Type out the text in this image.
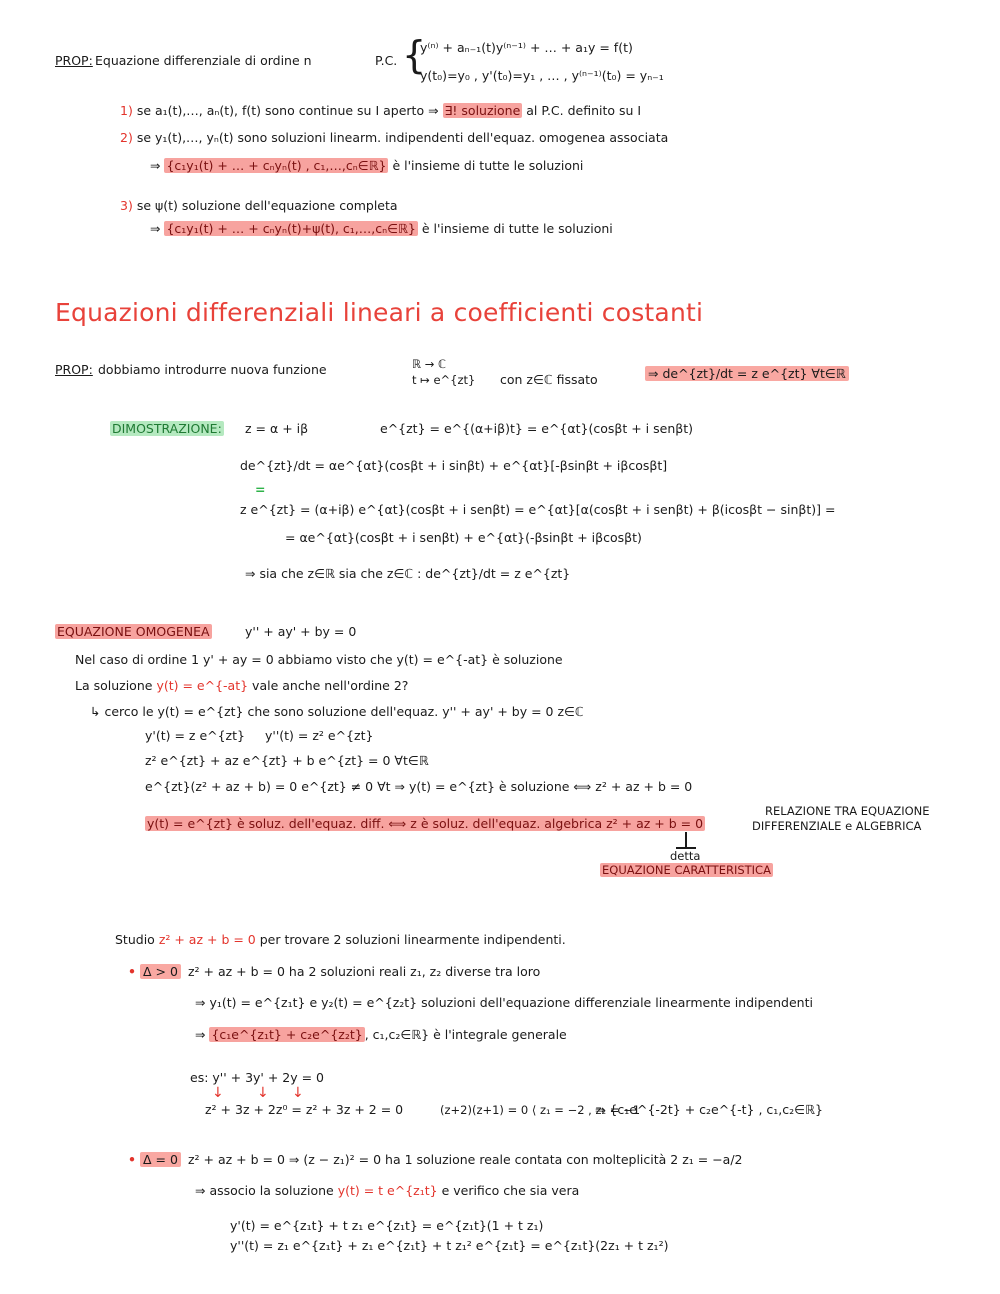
PROP: Equazione differenziale di ordine n	P.C. {
y⁽ⁿ⁾ + aₙ₋₁(t)y⁽ⁿ⁻¹⁾ + … + a₁y = f(t)
y(t₀)=y₀ , y'(t₀)=y₁ , … , y⁽ⁿ⁻¹⁾(t₀) = yₙ₋₁
1) se a₁(t),…, aₙ(t), f(t) sono continue su I aperto ⇒ ∃! soluzione al P.C. definito su I
2) se y₁(t),…, yₙ(t) sono soluzioni linearm. indipendenti dell'equaz. omogenea associata
⇒ {c₁y₁(t) + … + cₙyₙ(t) , c₁,…,cₙ∈ℝ} è l'insieme di tutte le soluzioni
3) se ψ(t) soluzione dell'equazione completa
⇒ {c₁y₁(t) + … + cₙyₙ(t)+ψ(t), c₁,…,cₙ∈ℝ} è l'insieme di tutte le soluzioni
Equazioni differenziali lineari a coefficienti costanti
PROP: dobbiamo introdurre nuova funzione	ℝ → ℂ
t ↦ e^{zt} con z∈ℂ fissato	⇒ de^{zt}/dt = z e^{zt} ∀t∈ℝ
DIMOSTRAZIONE: z = α + iβ	e^{zt} = e^{(α+iβ)t} = e^{αt}(cosβt + i senβt)
de^{zt}/dt = αe^{αt}(cosβt + i sinβt) + e^{αt}[-βsinβt + iβcosβt]
=
z e^{zt} = (α+iβ) e^{αt}(cosβt + i senβt) = e^{αt}[α(cosβt + i senβt) + β(icosβt − sinβt)] =
= αe^{αt}(cosβt + i senβt) + e^{αt}(-βsinβt + iβcosβt)
⇒ sia che z∈ℝ sia che z∈ℂ : de^{zt}/dt = z e^{zt}
EQUAZIONE OMOGENEA	y'' + ay' + by = 0
Nel caso di ordine 1 y' + ay = 0 abbiamo visto che y(t) = e^{-at} è soluzione
La soluzione y(t) = e^{-at} vale anche nell'ordine 2?
↳ cerco le y(t) = e^{zt} che sono soluzione dell'equaz. y'' + ay' + by = 0 z∈ℂ
y'(t) = z e^{zt} y''(t) = z² e^{zt}
z² e^{zt} + az e^{zt} + b e^{zt} = 0 ∀t∈ℝ
e^{zt}(z² + az + b) = 0 e^{zt} ≠ 0 ∀t ⇒ y(t) = e^{zt} è soluzione ⟺ z² + az + b = 0
y(t) = e^{zt} è soluz. dell'equaz. diff. ⟺ z è soluz. dell'equaz. algebrica z² + az + b = 0
RELAZIONE TRA EQUAZIONE
DIFFERENZIALE e ALGEBRICA
detta
EQUAZIONE CARATTERISTICA
Studio z² + az + b = 0 per trovare 2 soluzioni linearmente indipendenti.
• Δ > 0 z² + az + b = 0 ha 2 soluzioni reali z₁, z₂ diverse tra loro
⇒ y₁(t) = e^{z₁t} e y₂(t) = e^{z₂t} soluzioni dell'equazione differenziale linearmente indipendenti
⇒ {c₁e^{z₁t} + c₂e^{z₂t} , c₁,c₂∈ℝ} è l'integrale generale
es: y'' + 3y' + 2y = 0
↓ ↓ ↓
z² + 3z + 2z⁰ = z² + 3z + 2 = 0	(z+2)(z+1) = 0 ⟨ z₁ = −2 , z₂ = −1
⇒ {c₁e^{-2t} + c₂e^{-t} , c₁,c₂∈ℝ}
• Δ = 0 z² + az + b = 0 ⇒ (z − z₁)² = 0 ha 1 soluzione reale contata con molteplicità 2 z₁ = −a/2
⇒ associo la soluzione y(t) = t e^{z₁t} e verifico che sia vera
y'(t) = e^{z₁t} + t z₁ e^{z₁t} = e^{z₁t}(1 + t z₁)
y''(t) = z₁ e^{z₁t} + z₁ e^{z₁t} + t z₁² e^{z₁t} = e^{z₁t}(2z₁ + t z₁²)
